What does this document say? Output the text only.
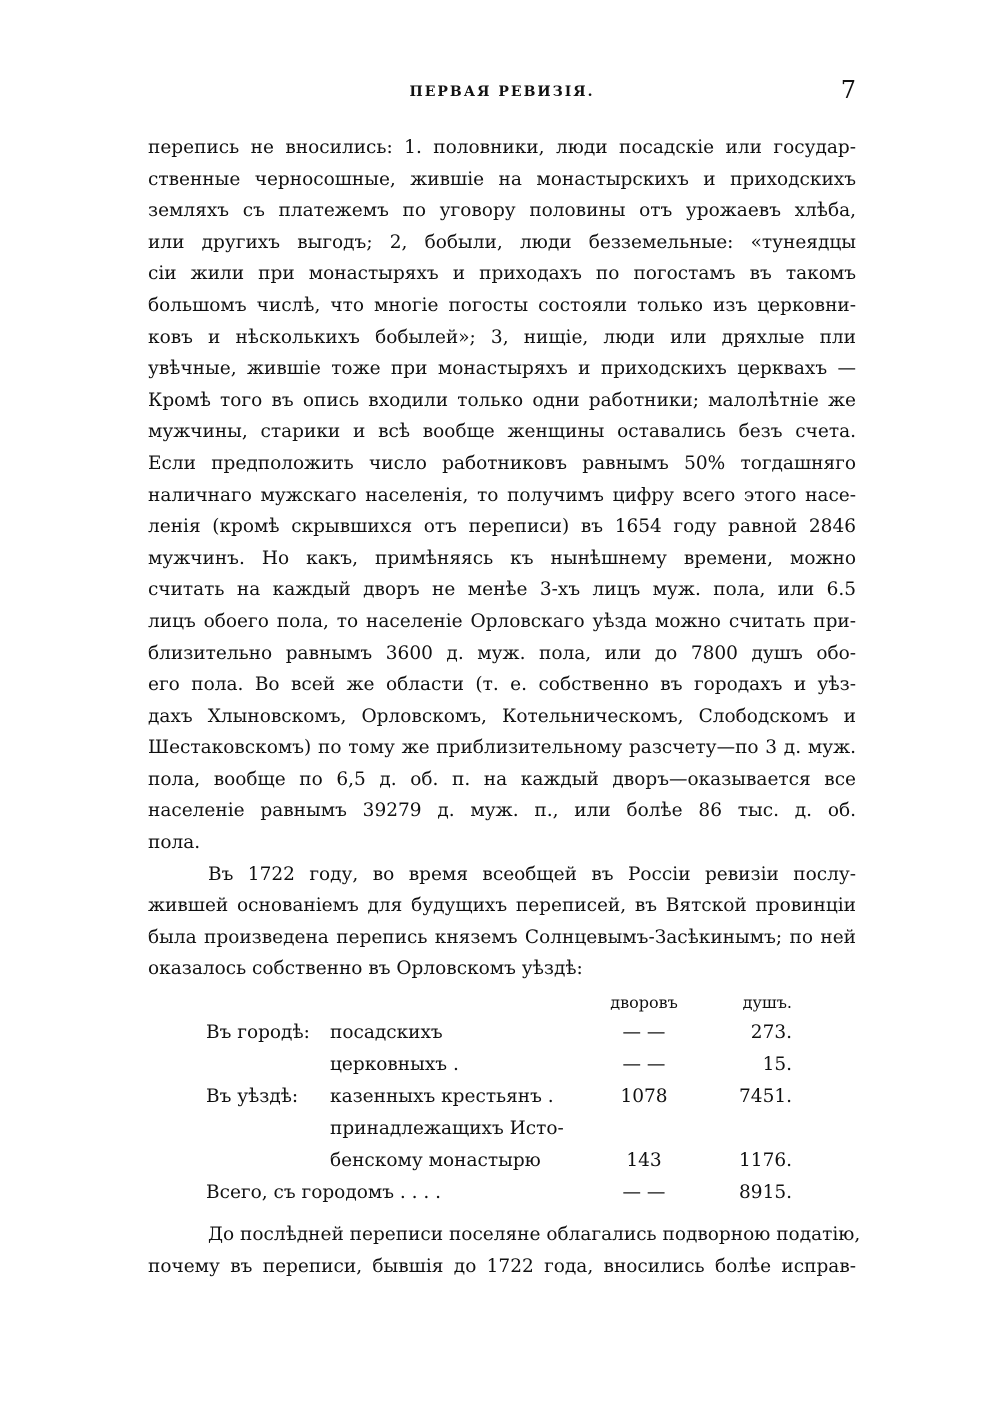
ПЕРВАЯ РЕВИЗІЯ.	7
перепись не вносились: 1. половники, люди посадскіе или государ-
ственные черносошные, жившіе на монастырскихъ и приходскихъ
земляхъ съ платежемъ по уговору половины отъ урожаевъ хлѣба,
или другихъ выгодъ; 2, бобыли, люди безземельные: «тунеядцы
сіи жили при монастыряхъ и приходахъ по погостамъ въ такомъ
большомъ числѣ, что многіе погосты состояли только изъ церковни-
ковъ и нѣсколькихъ бобылей»; 3, нищіе, люди или дряхлые пли
увѣчные, жившіе тоже при монастыряхъ и приходскихъ церквахъ —
Кромѣ того въ опись входили только одни работники; малолѣтніе же
мужчины, старики и всѣ вообще женщины оставались безъ счета.
Если предположить число работниковъ равнымъ 50% тогдашняго
наличнаго мужскаго населенія, то получимъ цифру всего этого насе-
ленія (кромѣ скрывшихся отъ переписи) въ 1654 году равной 2846
мужчинъ. Но какъ, примѣняясь къ нынѣшнему времени, можно
считать на каждый дворъ не менѣе 3-хъ лицъ муж. пола, или 6.5
лицъ обоего пола, то населеніе Орловскаго уѣзда можно считать при-
близительно равнымъ 3600 д. муж. пола, или до 7800 душъ обо-
его пола. Во всей же области (т. е. собственно въ городахъ и уѣз-
дахъ Хлыновскомъ, Орловскомъ, Котельническомъ, Слободскомъ и
Шестаковскомъ) по тому же приблизительному разсчету—по 3 д. муж.
пола, вообще по 6,5 д. об. п. на каждый дворъ—оказывается все
населеніе равнымъ 39279 д. муж. п., или болѣе 86 тыс. д. об.
пола.
Въ 1722 году, во время всеобщей въ Россіи ревизіи послу-
жившей основаніемъ для будущихъ переписей, въ Вятской провинціи
была произведена перепись княземъ Солнцевымъ-Засѣкинымъ; по ней
оказалось собственно въ Орловскомъ уѣздѣ:
дворовъ	душъ.
Въ городѣ: посадскихъ	— —	273.
церковныхъ .	— —	15.
Въ уѣздѣ: казенныхъ крестьянъ .	1078	7451.
принадлежащихъ Исто-
бенскому монастырю	143	1176.
Всего, съ городомъ . . . .	— —	8915.
До послѣдней переписи поселяне облагались подворною податі‌ю,
почему въ переписи, бывшія до 1722 года, вносились болѣе исправ-
